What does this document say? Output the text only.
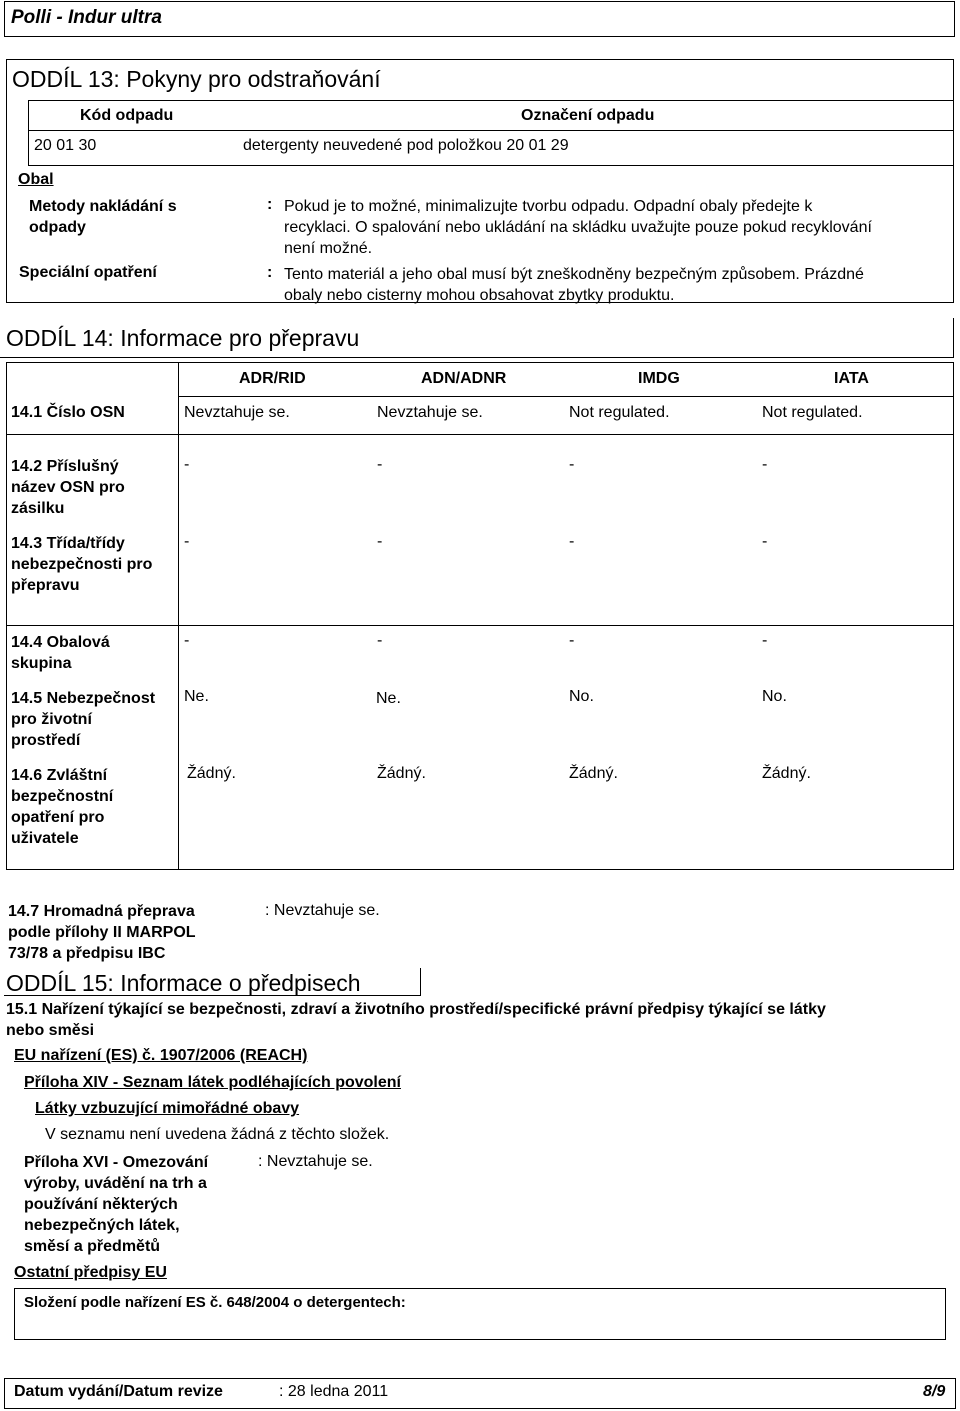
Polli - Indur ultra
ODDÍL 13: Pokyny pro odstraňování
Kód odpadu	Označení odpadu
20 01 30	detergenty neuvedené pod položkou 20 01 29
Obal
Metody nakládání s
odpady
: Pokud je to možné, minimalizujte tvorbu odpadu. Odpadní obaly předejte k
recyklaci. O spalování nebo ukládání na skládku uvažujte pouze pokud recyklování
není možné.
Speciální opatření	: Tento materiál a jeho obal musí být zneškodněny bezpečným způsobem. Prázdné
obaly nebo cisterny mohou obsahovat zbytky produktu.
ODDÍL 14: Informace pro přepravu
ADR/RID	ADN/ADNR	IMDG	IATA
14.1 Číslo OSN	Nevztahuje se.	Nevztahuje se.	Not regulated.	Not regulated.
14.2 Příslušný
název OSN pro
zásilku
-	-	-	-
14.3 Třída/třídy
nebezpečnosti pro
přepravu
-	-	-	-
14.4 Obalová
skupina
-	-	-	-
14.5 Nebezpečnost
pro životní
prostředí
Ne.	Ne.	No.	No.
14.6 Zvláštní
bezpečnostní
opatření pro
uživatele
Žádný.	Žádný.	Žádný.	Žádný.
14.7 Hromadná přeprava
podle přílohy II MARPOL
73/78 a předpisu IBC
: Nevztahuje se.
ODDÍL 15: Informace o předpisech
15.1 Nařízení týkající se bezpečnosti, zdraví a životního prostředí/specifické právní předpisy týkající se látky
nebo směsi
EU nařízení (ES) č. 1907/2006 (REACH)
Příloha XIV - Seznam látek podléhajících povolení
Látky vzbuzující mimořádné obavy
V seznamu není uvedena žádná z těchto složek.
Příloha XVI - Omezování
výroby, uvádění na trh a
používání některých
nebezpečných látek,
směsí a předmětů
: Nevztahuje se.
Ostatní předpisy EU
Složení podle nařízení ES č. 648/2004 o detergentech:
Datum vydání/Datum revize	: 28 ledna 2011	8/9
